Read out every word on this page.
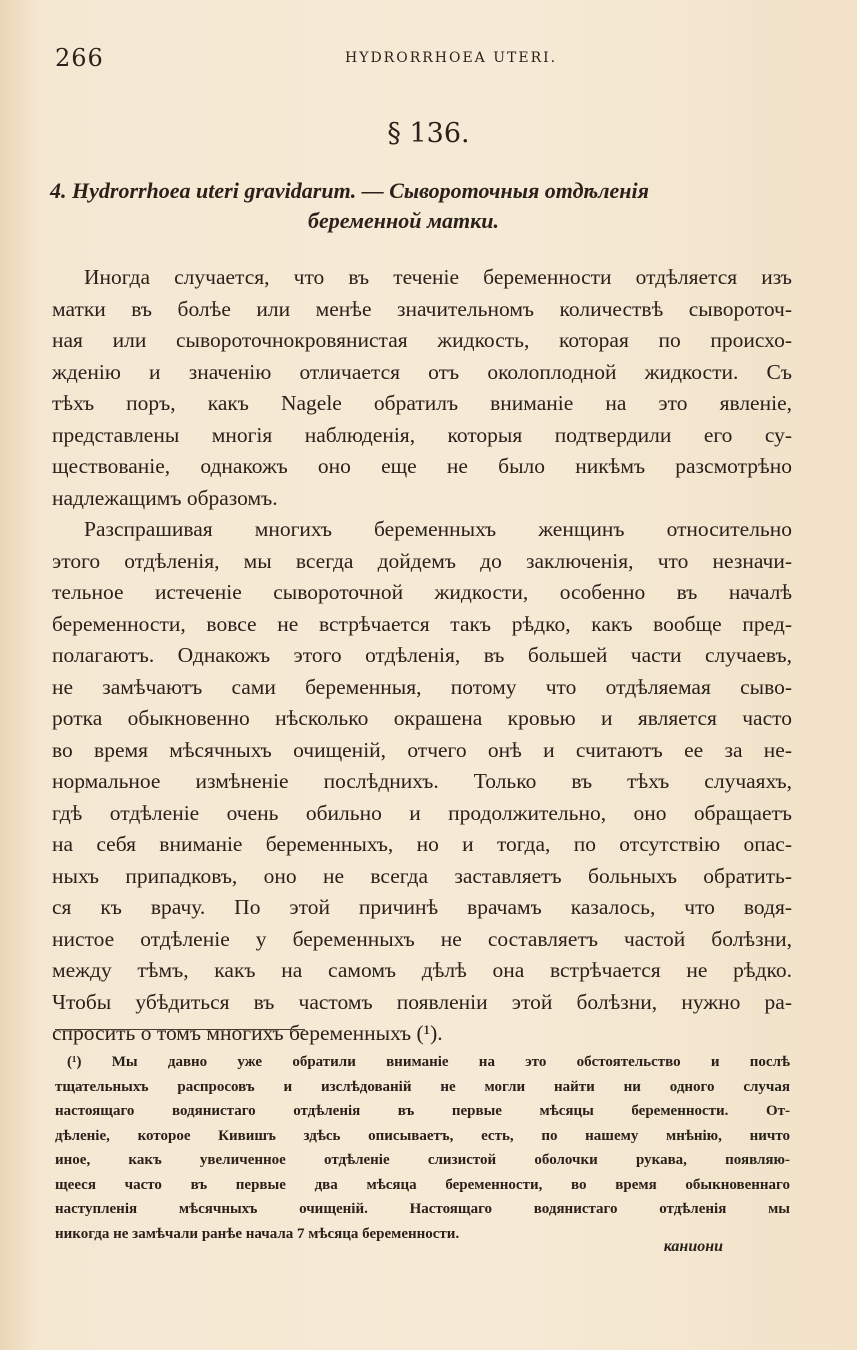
266	HYDRORRHOEA UTERI.
§ 136.
4. Hydrorrhoea uteri gravidarum. — Сывороточныя отдѣленія
беременной матки.
Иногда случается, что въ теченіе беременности отдѣляется изъ
матки въ болѣе или менѣе значительномъ количествѣ сывороточ-
ная или сывороточнокровянистая жидкость, которая по происхо-
жденію и значенію отличается отъ околоплодной жидкости. Съ
тѣхъ поръ, какъ Nagele обратилъ вниманіе на это явленіе,
представлены многія наблюденія, которыя подтвердили его су-
ществованіе, однакожъ оно еще не было никѣмъ разсмотрѣно
надлежащимъ образомъ.
Разспрашивая многихъ беременныхъ женщинъ относительно
этого отдѣленія, мы всегда дойдемъ до заключенія, что незначи-
тельное истеченіе сывороточной жидкости, особенно въ началѣ
беременности, вовсе не встрѣчается такъ рѣдко, какъ вообще пред-
полагаютъ. Однакожъ этого отдѣленія, въ большей части случаевъ,
не замѣчаютъ сами беременныя, потому что отдѣляемая сыво-
ротка обыкновенно нѣсколько окрашена кровью и является часто
во время мѣсячныхъ очищеній, отчего онѣ и считаютъ ее за не-
нормальное измѣненіе послѣднихъ. Только въ тѣхъ случаяхъ,
гдѣ отдѣленіе очень обильно и продолжительно, оно обращаетъ
на себя вниманіе беременныхъ, но и тогда, по отсутствію опас-
ныхъ припадковъ, оно не всегда заставляетъ больныхъ обратить-
ся къ врачу. По этой причинѣ врачамъ казалось, что водя-
нистое отдѣленіе у беременныхъ не составляетъ частой болѣзни,
между тѣмъ, какъ на самомъ дѣлѣ она встрѣчается не рѣдко.
Чтобы убѣдиться въ частомъ появленіи этой болѣзни, нужно ра-
спросить о томъ многихъ беременныхъ (¹).
(¹) Мы давно уже обратили вниманіе на это обстоятельство и послѣ
тщательныхъ распросовъ и изслѣдованій не могли найти ни одного случая
настоящаго водянистаго отдѣленія въ первые мѣсяцы беременности. От-
дѣленіе, которое Кивишъ здѣсь описываетъ, есть, по нашему мнѣнію, ничто
иное, какъ увеличенное отдѣленіе слизистой оболочки рукава, появляю-
щееся часто въ первые два мѣсяца беременности, во время обыкновеннаго
наступленія мѣсячныхъ очищеній. Настоящаго водянистаго отдѣленія мы
никогда не замѣчали ранѣе начала 7 мѣсяца беременности.
каниони
